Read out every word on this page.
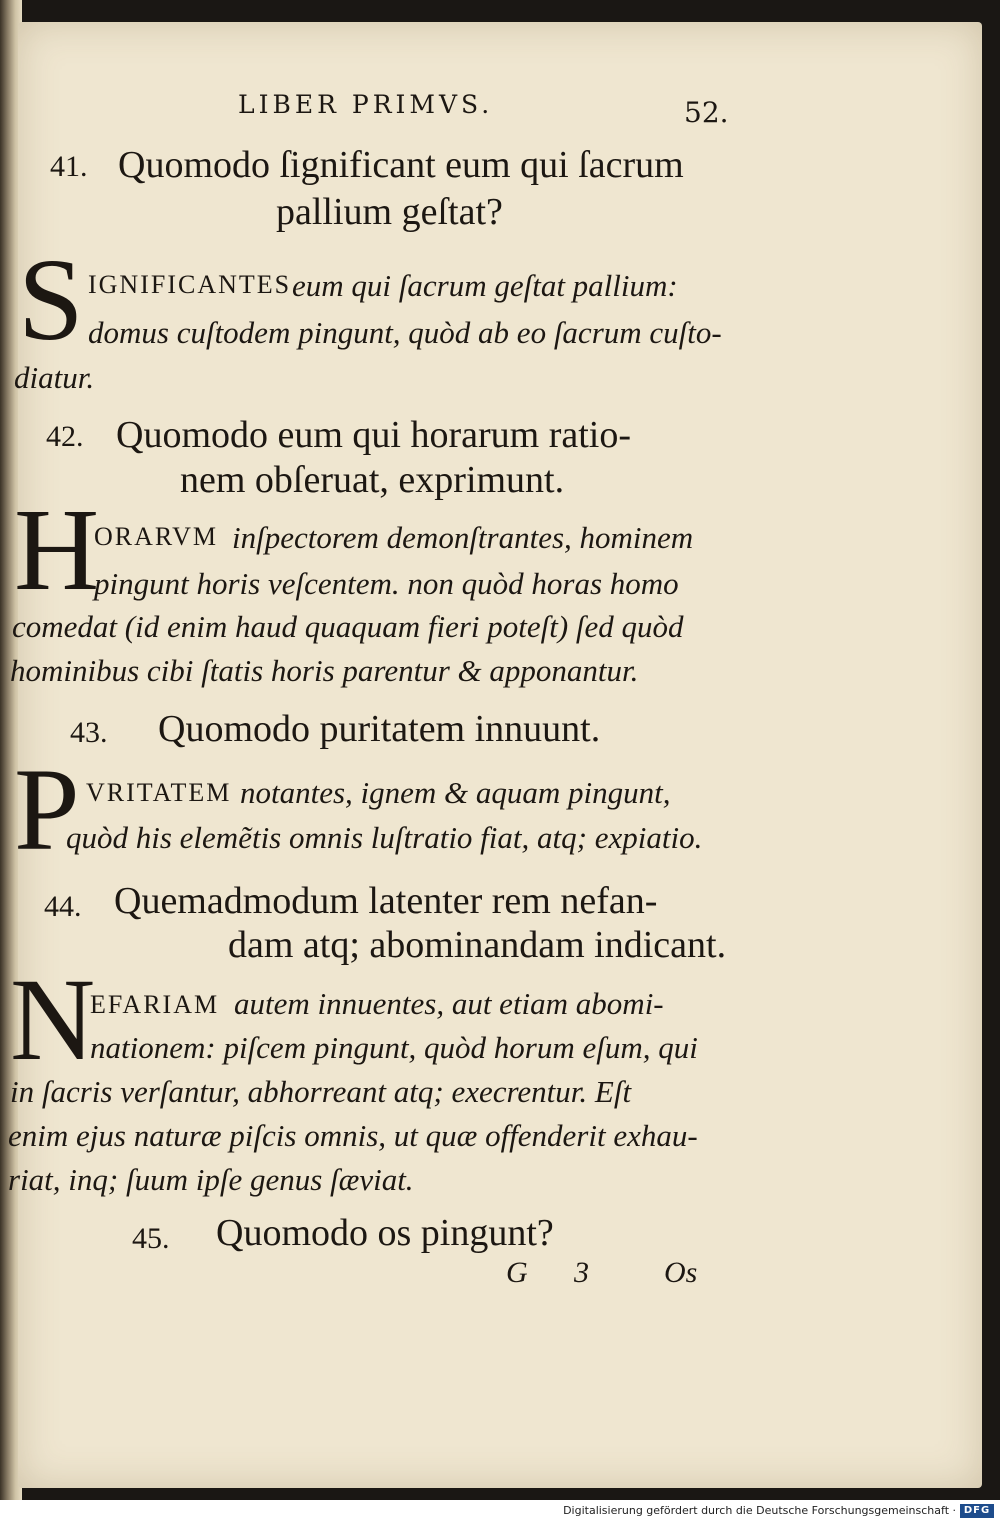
LIBER PRIMVS.	52.
41. Quomodo ſignificant eum qui ſacrum
pallium geſtat?
S IGNIFICANTES eum qui ſacrum geſtat pallium:
domus cuſtodem pingunt, quòd ab eo ſacrum cuſto-
diatur.
42. Quomodo eum qui horarum ratio-
nem obſeruat, exprimunt.
H
ORARVM inſpectorem demonſtrantes, hominem
pingunt horis veſcentem. non quòd horas homo
comedat (id enim haud quaquam fieri poteſt) ſed quòd
hominibus cibi ſtatis horis parentur & apponantur.
43. Quomodo puritatem innuunt.
P VRITATEM notantes, ignem & aquam pingunt,
quòd his elemẽtis omnis luſtratio fiat, atq; expiatio.
44. Quemadmodum latenter rem nefan-
dam atq; abominandam indicant.
N
EFARIAM autem innuentes, aut etiam abomi-
nationem: piſcem pingunt, quòd horum eſum, qui
in ſacris verſantur, abhorreant atq; execrentur. Eſt
enim ejus naturæ piſcis omnis, ut quæ offenderit exhau-
riat, inq; ſuum ipſe genus ſæviat.
45. Quomodo os pingunt?
G 3	Os
Digitalisierung gefördert durch die Deutsche Forschungsgemeinschaft · DFG
